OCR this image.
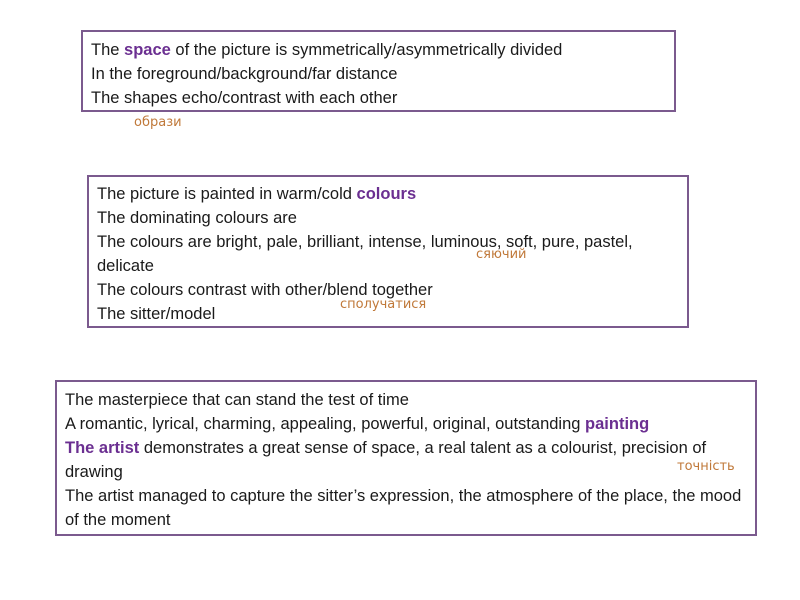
The space of the picture is symmetrically/asymmetrically divided
In the foreground/background/far distance
The shapes echo/contrast with each other
образи
The picture is painted in warm/cold colours
The dominating colours are
The colours are bright, pale, brilliant, intense, luminous, soft, pure, pastel, delicate
The colours contrast with other/blend together
The sitter/model
сяючий
сполучатися
The masterpiece that can stand the test of time
A romantic, lyrical, charming, appealing, powerful, original, outstanding painting
The artist demonstrates a great sense of space, a real talent as a colourist, precision of drawing
The artist managed to capture the sitter’s expression, the atmosphere of the place, the mood of the moment
точність
